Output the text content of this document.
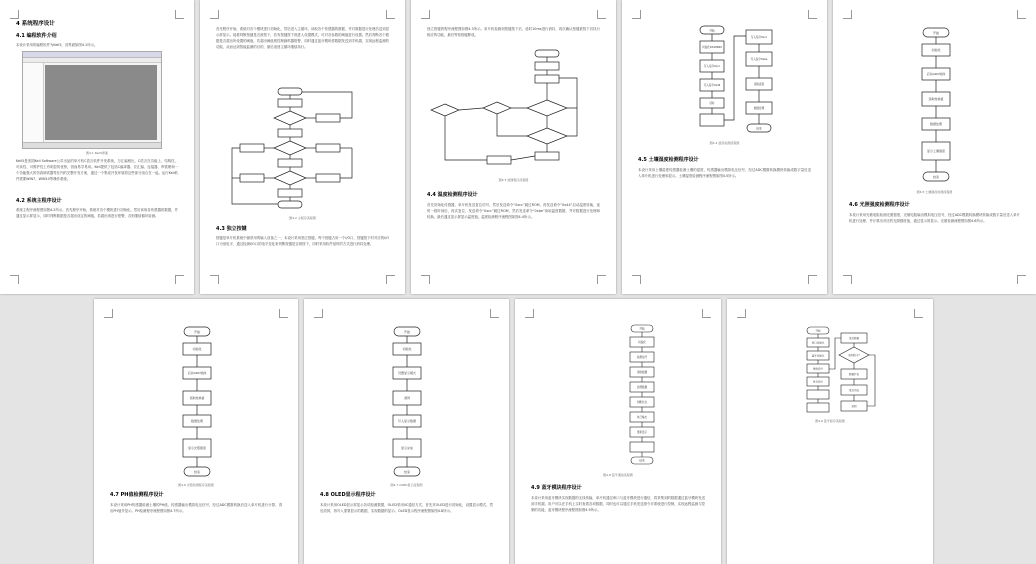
4 系统程序设计
4.1 编程软件介绍
本设计采用的编程软件为Keil5，其界面如图4.1所示。
图4.1 Keil5界面
Keil5是美国Keil Software公司出品的单片机C语言软件开发系统，与汇编相比，C语言在功能上、结构性、可读性、可维护性上有明显的优势，因而易学易用。Keil提供了包括C编译器、宏汇编、连接器、库管理和一个功能强大的仿真调试器等在内的完整开发方案，通过一个集成开发环境将这些部分组合在一起。运行Keil软件需要WIN7、WIN10等操作系统。
4.2 系统主程序设计
系统主程序流程图如图4.2所示。首先程序开始，系统对各个模块进行初始化，然后读取各传感器的数据，并通过显示屏显示，同时判断数据是否超出设定的阈值，若超出则进行报警，否则继续循环检测。
首先程序开始，系统对各个模块进行初始化，然后进入主循环，读取各个传感器的数据，并对数据进行处理后送到显示屏显示。接着判断按键是否被按下，若有按键按下则进入设置模式，可对各参数的阈值进行设置。然后判断各个数据是否超出所设置的阈值，若超出阈值则控制蜂鸣器报警，同时通过蓝牙模块将数据发送到手机端，实现远程监测的功能，从而达到智能监测的目的，最后返回主循环继续执行。
图4.2 主程序流程图
4.3 独立按键
按键是单片机系统中最常用的输入设备之一，本设计采用独立按键，每个按键占用一个I/O口，按键按下时对应的I/O口为低电平，通过检测I/O口的电平变化来判断按键是否被按下，同时采用软件延时的方式进行消抖处理。
独立按键的程序流程图如图4.3所示。单片机检测到按键按下后，延时10ms进行消抖，再次确认按键被按下后执行相应的功能，最后等待按键释放。
图4.3 按键程序流程图
4.4 温度检测程序设计
首先初始化传感器，单片机发送复位信号，然后发送命令“0xcc”跳过ROM，再发送命令“0x44”启动温度转换，延时一段时间后，再次复位，发送命令“0xcc”跳过ROM，然后发送命令“0xbe”读取温度数据，并对数据进行处理和转换，最后通过显示屏显示温度值。温度检测程序流程图如图4.4所示。
开始
初始化DS18B20
写入指令0xcc
写入指令0x44
延时
写入指令0xcc
写入指令0xbe
读取温度
数据处理
结束
图4.4 温度检测流程图
4.5 土壤湿度检测程序设计
本设计采用土壤湿度传感器检测土壤的湿度，传感器输出模拟电压信号，经过ADC模数转换模块转换成数字量后送入单片机进行处理和显示。土壤湿度检测程序流程图如图4.5所示。
开始
初始化
启动ADC转换
读取转换值
数据处理
显示土壤湿度
结束
图4.5 土壤湿度检测流程图
4.6 光照强度检测程序设计
本设计采用光敏电阻检测光照强度，光敏电阻输出模拟电压信号，经过ADC模数转换模块转换成数字量后送入单片机进行处理，并计算出对应的光照强度值，通过显示屏显示。光照检测流程图如图4.6所示。
开始
初始化
启动ADC转换
读取转换值
数据处理
显示光照强度
结束
图4.6 光照检测程序流程图
4.7 PH值检测程序设计
本设计采用PH传感器检测土壤的PH值，传感器输出模拟电压信号，经过ADC模数转换后送入单片机进行计算，得出PH值并显示。PH检测程序流程图如图4.7所示。
开始
初始化
设置显示模式
清屏
写入显示数据
显示完成
结束
图4.7 OLED显示流程图
4.8 OLED显示程序设计
本设计采用OLED显示屏显示各项检测数据，OLED采用IIC通信方式，首先对OLED进行初始化，设置显示模式，然后清屏，再写入需要显示的数据，实现数据的显示。OLED显示程序流程图如图4.8所示。
开始
初始化
检测信号
读取数据
处理数据
判断状态
执行输出
更新显示
结束
图4.8 蓝牙通信流程图
4.9 蓝牙模块程序设计
本设计采用蓝牙模块实现数据的无线传输，单片机通过串口与蓝牙模块进行通信，将采集到的数据通过蓝牙模块发送到手机端，用户可以在手机上实时查看各项数据，同时也可以通过手机发送指令对系统进行控制，实现远程监测与控制的功能，蓝牙模块程序流程图如图4.9所示。
开始
串口初始化
蓝牙初始化
接收指令
执行指令
发送数据
收到指令?
数据打包
发送完成
返回
图4.9 蓝牙程序流程图
